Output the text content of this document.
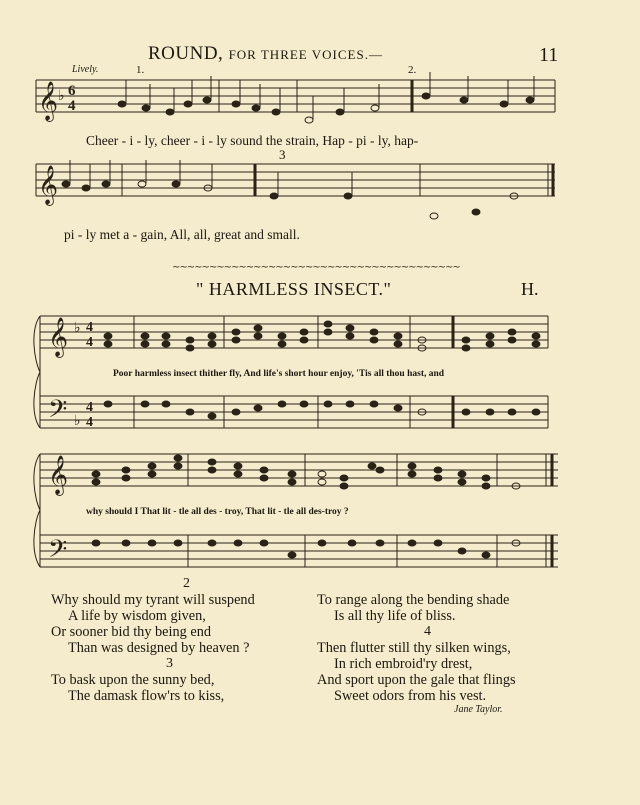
ROUND, FOR THREE VOICES.—	11
Lively.	1.	2.
3
𝄞 ♭ 6
4
𝄞
𝄞
𝄢
♭
♭
4
4
4
4
𝄞
𝄢
Cheer - i - ly, cheer - i - ly sound the strain, Hap - pi - ly, hap-
pi - ly met a - gain, All, all, great and small.
∼∼∼∼∼∼∼∼∼∼∼∼∼∼∼∼∼∼∼∼∼∼∼∼∼∼∼∼∼∼∼∼∼∼∼∼∼∼∼
" HARMLESS INSECT."	H.
Poor harmless insect thither fly, And life's short hour enjoy, 'Tis all thou hast, and
why should I That lit - tle all des - troy, That lit - tle all des-troy ?
2
Why should my tyrant will suspend
A life by wisdom given,
Or sooner bid thy being end
Than was designed by heaven ?
3
To bask upon the sunny bed,
The damask flow'rs to kiss,
To range along the bending shade
Is all thy life of bliss.
4
Then flutter still thy silken wings,
In rich embroid'ry drest,
And sport upon the gale that flings
Sweet odors from his vest.
Jane Taylor.
